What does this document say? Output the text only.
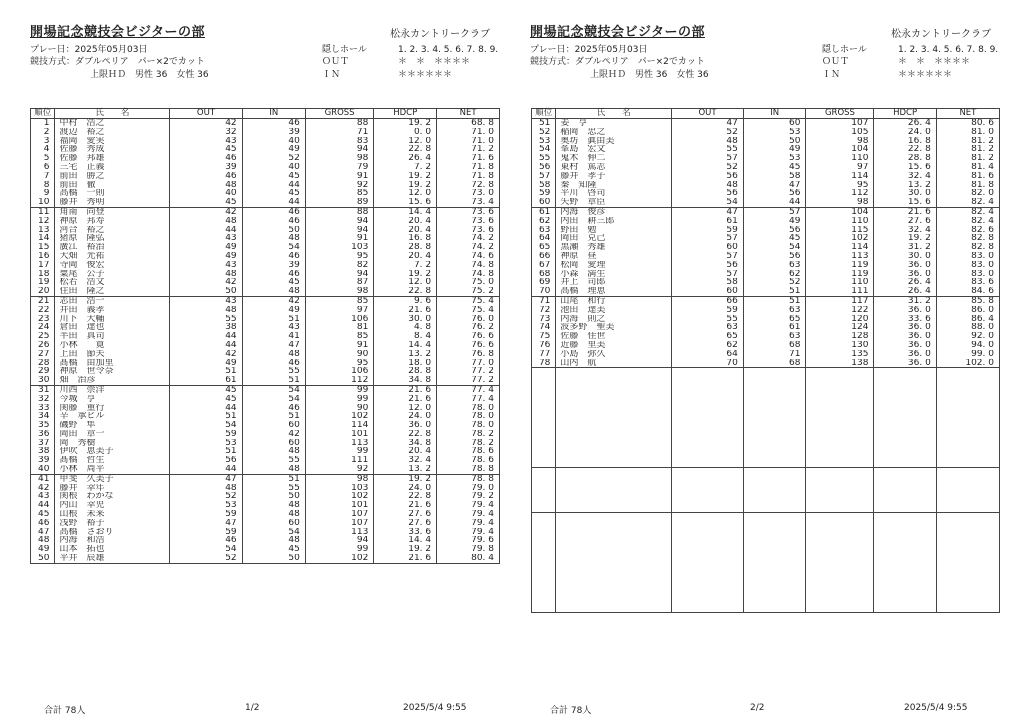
開場記念競技会ビジターの部	松永カントリークラブ
プレー日：2025年05月03日
競技方式：ダブルペリア　パー×2でカット
上限ＨＤ　男性 36　女性 36
隠しホール
ＯＵＴ
ＩＮ
1. 2. 3. 4. 5. 6. 7. 8. 9.
＊　＊　＊＊＊＊
＊＊＊＊＊＊
順位	氏　　名	OUT	IN	GROSS	HDCP	NET
1	中村　浩之	42	46	88	19. 2	68. 8
2	渡辺　裕之	32	39	71	0. 0	71. 0
3	福岡　愛実	43	40	83	12. 0	71. 0
4	佐藤　秀成	45	49	94	22. 8	71. 2
5	佐藤　邦雄	46	52	98	26. 4	71. 6
6	三宅　正義	39	40	79	7. 2	71. 8
7	前田　勝之	46	45	91	19. 2	71. 8
8	前田　徹	48	44	92	19. 2	72. 8
9	高橋　一則	40	45	85	12. 0	73. 0
10	藤井　秀明	45	44	89	15. 6	73. 4
11	角南　尚登	42	46	88	14. 4	73. 6
12	神原　邦寿	48	46	94	20. 4	73. 6
13	河合　裕之	44	50	94	20. 4	73. 6
14	猪原　隆弘	43	48	91	16. 8	74. 2
15	廣江　裕治	49	54	103	28. 8	74. 2
16	大畑　光祐	49	46	95	20. 4	74. 6
17	寺岡　俊宏	43	39	82	7. 2	74. 8
18	粟尾　公子	48	46	94	19. 2	74. 8
19	松若　浩文	42	45	87	12. 0	75. 0
20	住田　隆之	50	48	98	22. 8	75. 2
21	志田　浩一	43	42	85	9. 6	75. 4
22	井田　義孝	48	49	97	21. 6	75. 4
23	川下　大輔	55	51	106	30. 0	76. 0
24	倉田　達也	38	43	81	4. 8	76. 2
25	半田　真司	44	41	85	8. 4	76. 6
26	小林　　寛	44	47	91	14. 4	76. 6
27	上田　節夫	42	48	90	13. 2	76. 8
28	髙橋　由加里	49	46	95	18. 0	77. 0
29	神原　世令奈	51	55	106	28. 8	77. 2
30	畑　治彦	61	51	112	34. 8	77. 2
31	川西　崇洋	45	54	99	21. 6	77. 4
32	今城　亨	45	54	99	21. 6	77. 4
33	関藤　重行	44	46	90	12. 0	78. 0
34	辛　承ビル	51	51	102	24. 0	78. 0
35	磯野　隼	54	60	114	36. 0	78. 0
36	岡田　章一	59	42	101	22. 8	78. 2
37	岡　秀樹	53	60	113	34. 8	78. 2
38	伊吹　恵美子	51	48	99	20. 4	78. 6
39	髙橋　哲生	56	55	111	32. 4	78. 6
40	小林　周平	44	48	92	13. 2	78. 8
41	甲斐　久美子	47	51	98	19. 2	78. 8
42	藤井　幸年	48	55	103	24. 0	79. 0
43	関根　わかな	52	50	102	22. 8	79. 2
44	内山　幸児	53	48	101	21. 6	79. 4
45	山根　未来	59	48	107	27. 6	79. 4
46	浅野　裕子	47	60	107	27. 6	79. 4
47	高橋　さおり	59	54	113	33. 6	79. 4
48	内海　和浩	46	48	94	14. 4	79. 6
49	山本　拓也	54	45	99	19. 2	79. 8
50	平井　辰雄	52	50	102	21. 6	80. 4
合計 78人	1/2	2025/5/4 9:55
開場記念競技会ビジターの部	松永カントリークラブ
プレー日：2025年05月03日
競技方式：ダブルペリア　パー×2でカット
上限ＨＤ　男性 36　女性 36
隠しホール
ＯＵＴ
ＩＮ
1. 2. 3. 4. 5. 6. 7. 8. 9.
＊　＊　＊＊＊＊
＊＊＊＊＊＊
順位	氏　　名	OUT	IN	GROSS	HDCP	NET
51	姜　亨	47	60	107	26. 4	80. 6
52	稲岡　忠之	52	53	105	24. 0	81. 0
53	奥坊　眞由美	48	50	98	16. 8	81. 2
54	峯島　宏文	55	49	104	22. 8	81. 2
55	鬼木　伸二	57	53	110	28. 8	81. 2
56	東村　篤志	52	45	97	15. 6	81. 4
57	藤井　孝子	56	58	114	32. 4	81. 6
58	秦　知隆	48	47	95	13. 2	81. 8
59	平川　啓司	56	56	112	30. 0	82. 0
60	矢野　章臣	54	44	98	15. 6	82. 4
61	内海　俊彦	47	57	104	21. 6	82. 4
62	内田　耕三郎	61	49	110	27. 6	82. 4
63	野田　勉	59	56	115	32. 4	82. 6
64	岡田　克己	57	45	102	19. 2	82. 8
65	黒瀬　秀雄	60	54	114	31. 2	82. 8
66	神原　昼	57	56	113	30. 0	83. 0
67	松岡　愛理	56	63	119	36. 0	83. 0
68	小森　満生	57	62	119	36. 0	83. 0
69	井上　司郎	58	52	110	26. 4	83. 6
70	高橋　理恵	60	51	111	26. 4	84. 6
71	山尾　和行	66	51	117	31. 2	85. 8
72	池田　達美	59	63	122	36. 0	86. 0
73	内海　則之	55	65	120	33. 6	86. 4
74	波多野　聖美	63	61	124	36. 0	88. 0
75	佐藤　佳世	65	63	128	36. 0	92. 0
76	近藤　里美	62	68	130	36. 0	94. 0
77	小島　弥久	64	71	135	36. 0	99. 0
78	山内　航	70	68	138	36. 0	102. 0

合計 78人	2/2	2025/5/4 9:55
